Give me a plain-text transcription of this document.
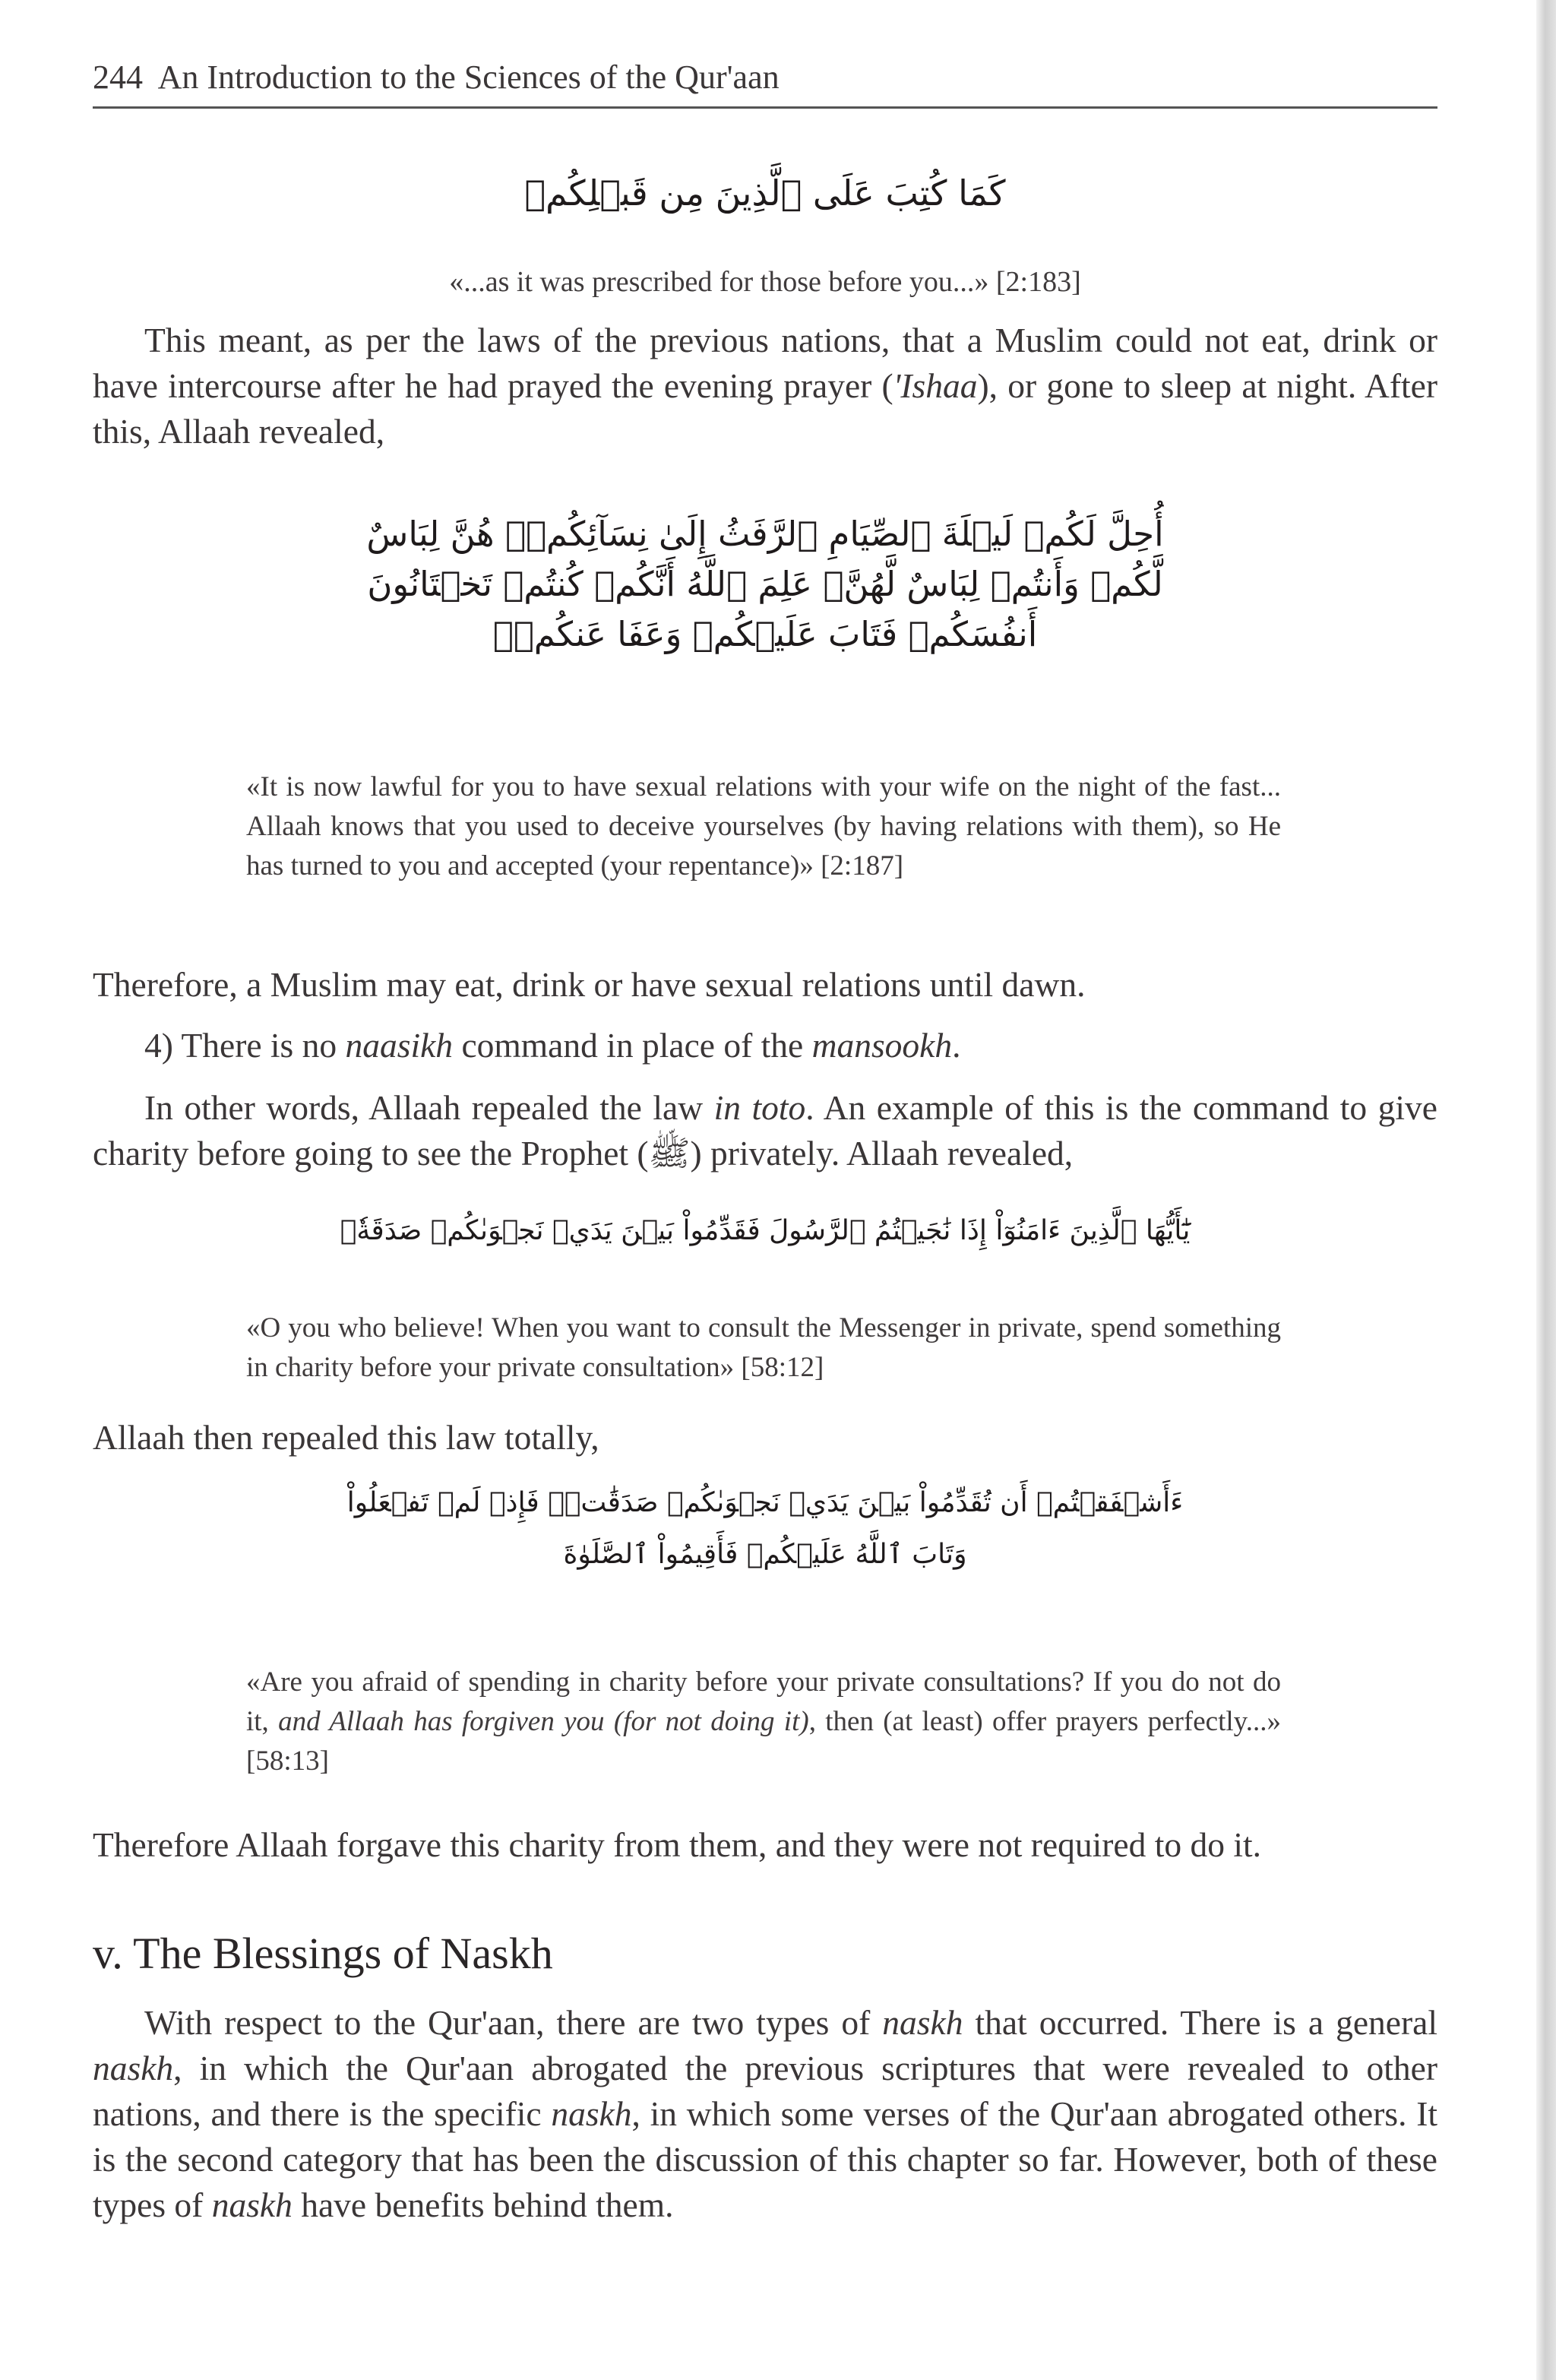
244 An Introduction to the Sciences of the Qur'aan
كَمَا كُتِبَ عَلَى ٱلَّذِينَ مِن قَبۡلِكُمۡ

«...as it was prescribed for those before you...» [2:183]

This meant, as per the laws of the previous nations, that a Muslim could not eat, drink or have intercourse after he had prayed the evening prayer ('Ishaa), or gone to sleep at night. After this, Allaah revealed,

أُحِلَّ لَكُمۡ لَيۡلَةَ ٱلصِّيَامِ ٱلرَّفَثُ إِلَىٰ نِسَآئِكُمۡۚ هُنَّ لِبَاسٌ
لَّكُمۡ وَأَنتُمۡ لِبَاسٌ لَّهُنَّۗ عَلِمَ ٱللَّهُ أَنَّكُمۡ كُنتُمۡ تَخۡتَانُونَ
أَنفُسَكُمۡ فَتَابَ عَلَيۡكُمۡ وَعَفَا عَنكُمۡۖ

«It is now lawful for you to have sexual relations with your wife on the night of the fast... Allaah knows that you used to deceive yourselves (by having relations with them), so He has turned to you and accepted (your repentance)» [2:187]

Therefore, a Muslim may eat, drink or have sexual relations until dawn.

4) There is no naasikh command in place of the mansookh.

In other words, Allaah repealed the law in toto. An example of this is the command to give charity before going to see the Prophet (ﷺ) privately. Allaah revealed,

يَٰٓأَيُّهَا ٱلَّذِينَ ءَامَنُوٓاْ إِذَا نَٰجَيۡتُمُ ٱلرَّسُولَ فَقَدِّمُواْ بَيۡنَ يَدَيۡ نَجۡوَىٰكُمۡ صَدَقَةٗۚ

«O you who believe! When you want to consult the Messenger in private, spend something in charity before your private consultation» [58:12]

Allaah then repealed this law totally,

ءَأَشۡفَقۡتُمۡ أَن تُقَدِّمُواْ بَيۡنَ يَدَيۡ نَجۡوَىٰكُمۡ صَدَقَٰتٖۚ فَإِذۡ لَمۡ تَفۡعَلُواْ
وَتَابَ ٱللَّهُ عَلَيۡكُمۡ فَأَقِيمُواْ ٱلصَّلَوٰةَ

«Are you afraid of spending in charity before your private consultations? If you do not do it, and Allaah has forgiven you (for not doing it), then (at least) offer prayers perfectly...» [58:13]

Therefore Allaah forgave this charity from them, and they were not required to do it.

v. The Blessings of Naskh

With respect to the Qur'aan, there are two types of naskh that occurred. There is a general naskh, in which the Qur'aan abrogated the previous scriptures that were revealed to other nations, and there is the specific naskh, in which some verses of the Qur'aan abrogated others. It is the second category that has been the discussion of this chapter so far. However, both of these types of naskh have benefits behind them.
